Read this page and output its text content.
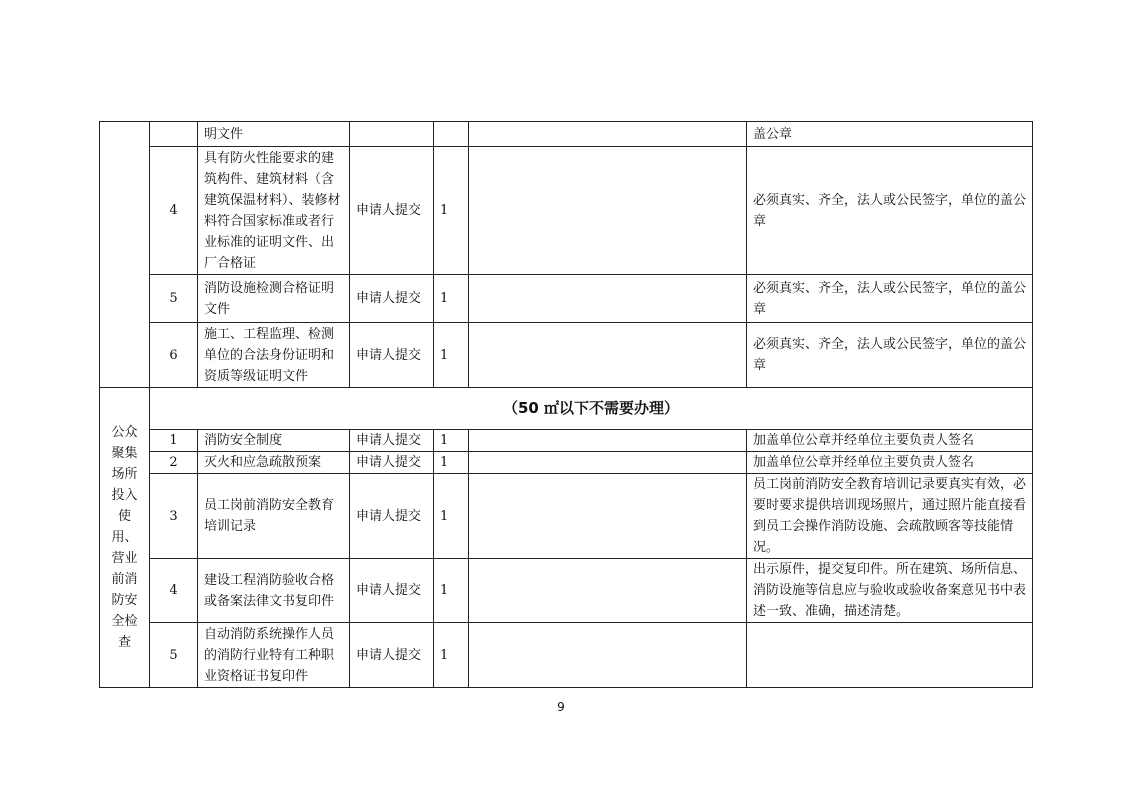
		明文件				盖公章
	4	具有防火性能要求的建筑构件、建筑材料（含建筑保温材料）、装修材料符合国家标准或者行业标准的证明文件、出厂合格证	申请人提交	1		必须真实、齐全，法人或公民签字，单位的盖公章
	5	消防设施检测合格证明文件	申请人提交	1		必须真实、齐全，法人或公民签字，单位的盖公章
	6	施工、工程监理、检测单位的合法身份证明和资质等级证明文件	申请人提交	1		必须真实、齐全，法人或公民签字，单位的盖公章
公众聚集场所投入使用、营业前消防安全检查	（50 ㎡以下不需要办理）					
	1	消防安全制度	申请人提交	1		加盖单位公章并经单位主要负责人签名
	2	灭火和应急疏散预案	申请人提交	1		加盖单位公章并经单位主要负责人签名
	3	员工岗前消防安全教育培训记录	申请人提交	1		员工岗前消防安全教育培训记录要真实有效，必要时要求提供培训现场照片，通过照片能直接看到员工会操作消防设施、会疏散顾客等技能情况。
	4	建设工程消防验收合格或备案法律文书复印件	申请人提交	1		出示原件，提交复印件。所在建筑、场所信息、消防设施等信息应与验收或验收备案意见书中表述一致、准确，描述清楚。
	5	自动消防系统操作人员的消防行业特有工种职业资格证书复印件	申请人提交	1		
9
